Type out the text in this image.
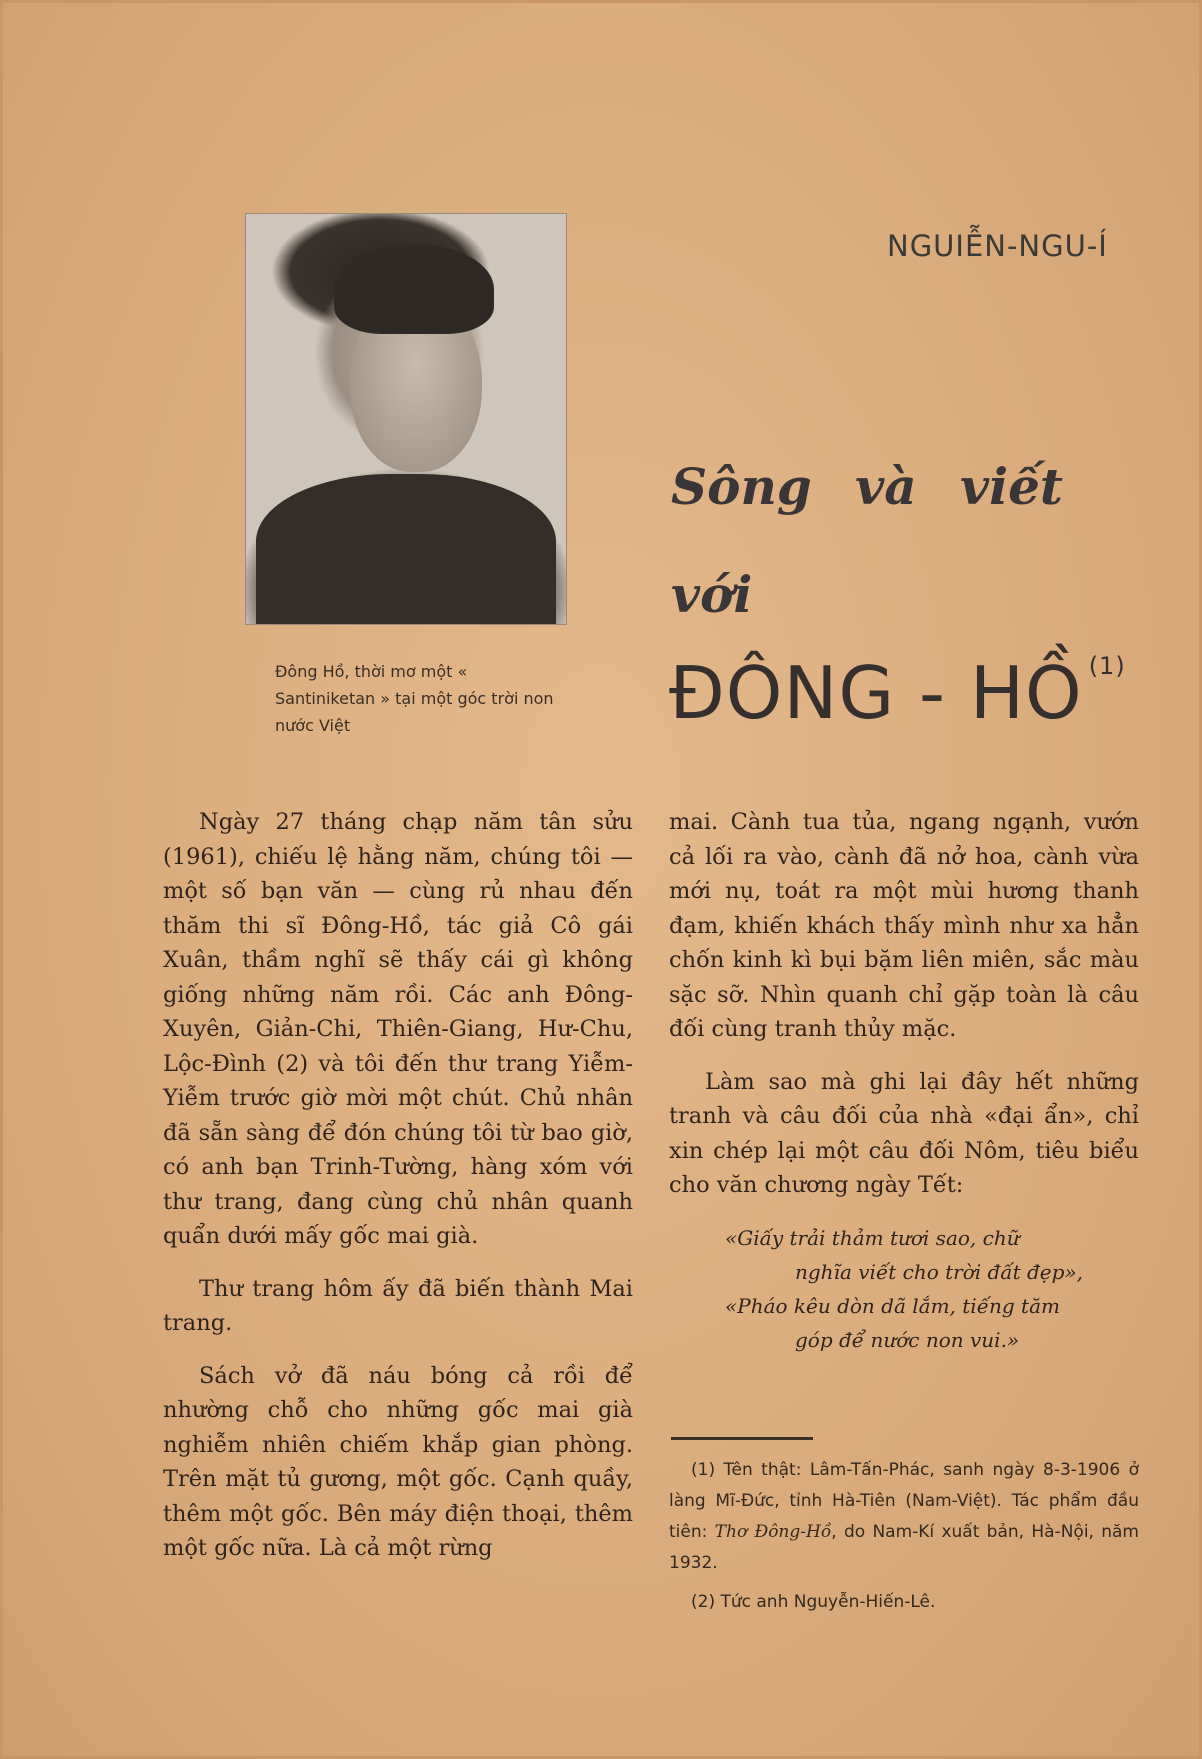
NGUIỄN-NGU-Í
Đông Hồ, thời mơ một « Santiniketan » tại một góc trời non nước Việt
Sông và viết
với
ĐÔNG - HỒ $^{(1)}$

Ngày 27 tháng chạp năm tân sửu (1961), chiếu lệ hằng năm, chúng tôi — một số bạn văn — cùng rủ nhau đến thăm thi sĩ Đông-Hồ, tác giả Cô gái Xuân, thầm nghĩ sẽ thấy cái gì không giống những năm rồi. Các anh Đông-Xuyên, Giản-Chi, Thiên-Giang, Hư-Chu, Lộc-Đình (2) và tôi đến thư trang Yiễm-Yiễm trước giờ mời một chút. Chủ nhân đã sẵn sàng để đón chúng tôi từ bao giờ, có anh bạn Trinh-Tường, hàng xóm với thư trang, đang cùng chủ nhân quanh quẩn dưới mấy gốc mai già.

Thư trang hôm ấy đã biến thành Mai trang.

Sách vở đã náu bóng cả rồi để nhường chỗ cho những gốc mai già nghiễm nhiên chiếm khắp gian phòng. Trên mặt tủ gương, một gốc. Cạnh quầy, thêm một gốc. Bên máy điện thoại, thêm một gốc nữa. Là cả một rừng

mai. Cành tua tủa, ngang ngạnh, vướn cả lối ra vào, cành đã nở hoa, cành vừa mới nụ, toát ra một mùi hương thanh đạm, khiến khách thấy mình như xa hẳn chốn kinh kì bụi bặm liên miên, sắc màu sặc sỡ. Nhìn quanh chỉ gặp toàn là câu đối cùng tranh thủy mặc.

Làm sao mà ghi lại đây hết những tranh và câu đối của nhà «đại ẩn», chỉ xin chép lại một câu đối Nôm, tiêu biểu cho văn chương ngày Tết:

«Giấy trải thảm tươi sao, chữ
nghĩa viết cho trời đất đẹp»,
«Pháo kêu dòn dã lắm, tiếng tăm
góp để nước non vui.»

(1) Tên thật: Lâm-Tấn-Phác, sanh ngày 8-3-1906 ở làng Mĩ-Đức, tỉnh Hà-Tiên (Nam-Việt). Tác phẩm đầu tiên: Thơ Đông-Hồ, do Nam-Kí xuất bản, Hà-Nội, năm 1932.

(2) Tức anh Nguyễn-Hiến-Lê.
